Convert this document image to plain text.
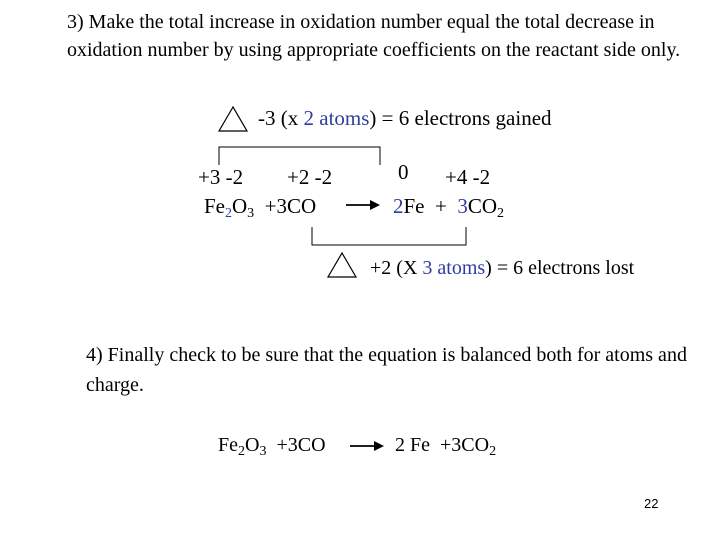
3) Make the total increase in oxidation number equal the total decrease in oxidation number by using appropriate coefficients on the reactant side only.
-3 (x 2 atoms) = 6 electrons gained
+3 -2 +2 -2	0 +4 -2
$Fe_2O_3 +3CO$	$2Fe + 3CO_2$
+2 (X 3 atoms) = 6 electrons lost
4) Finally check to be sure that the equation is balanced both for atoms and charge.
$Fe_2O_3 +3CO$	2 $Fe +3CO_2$
22
